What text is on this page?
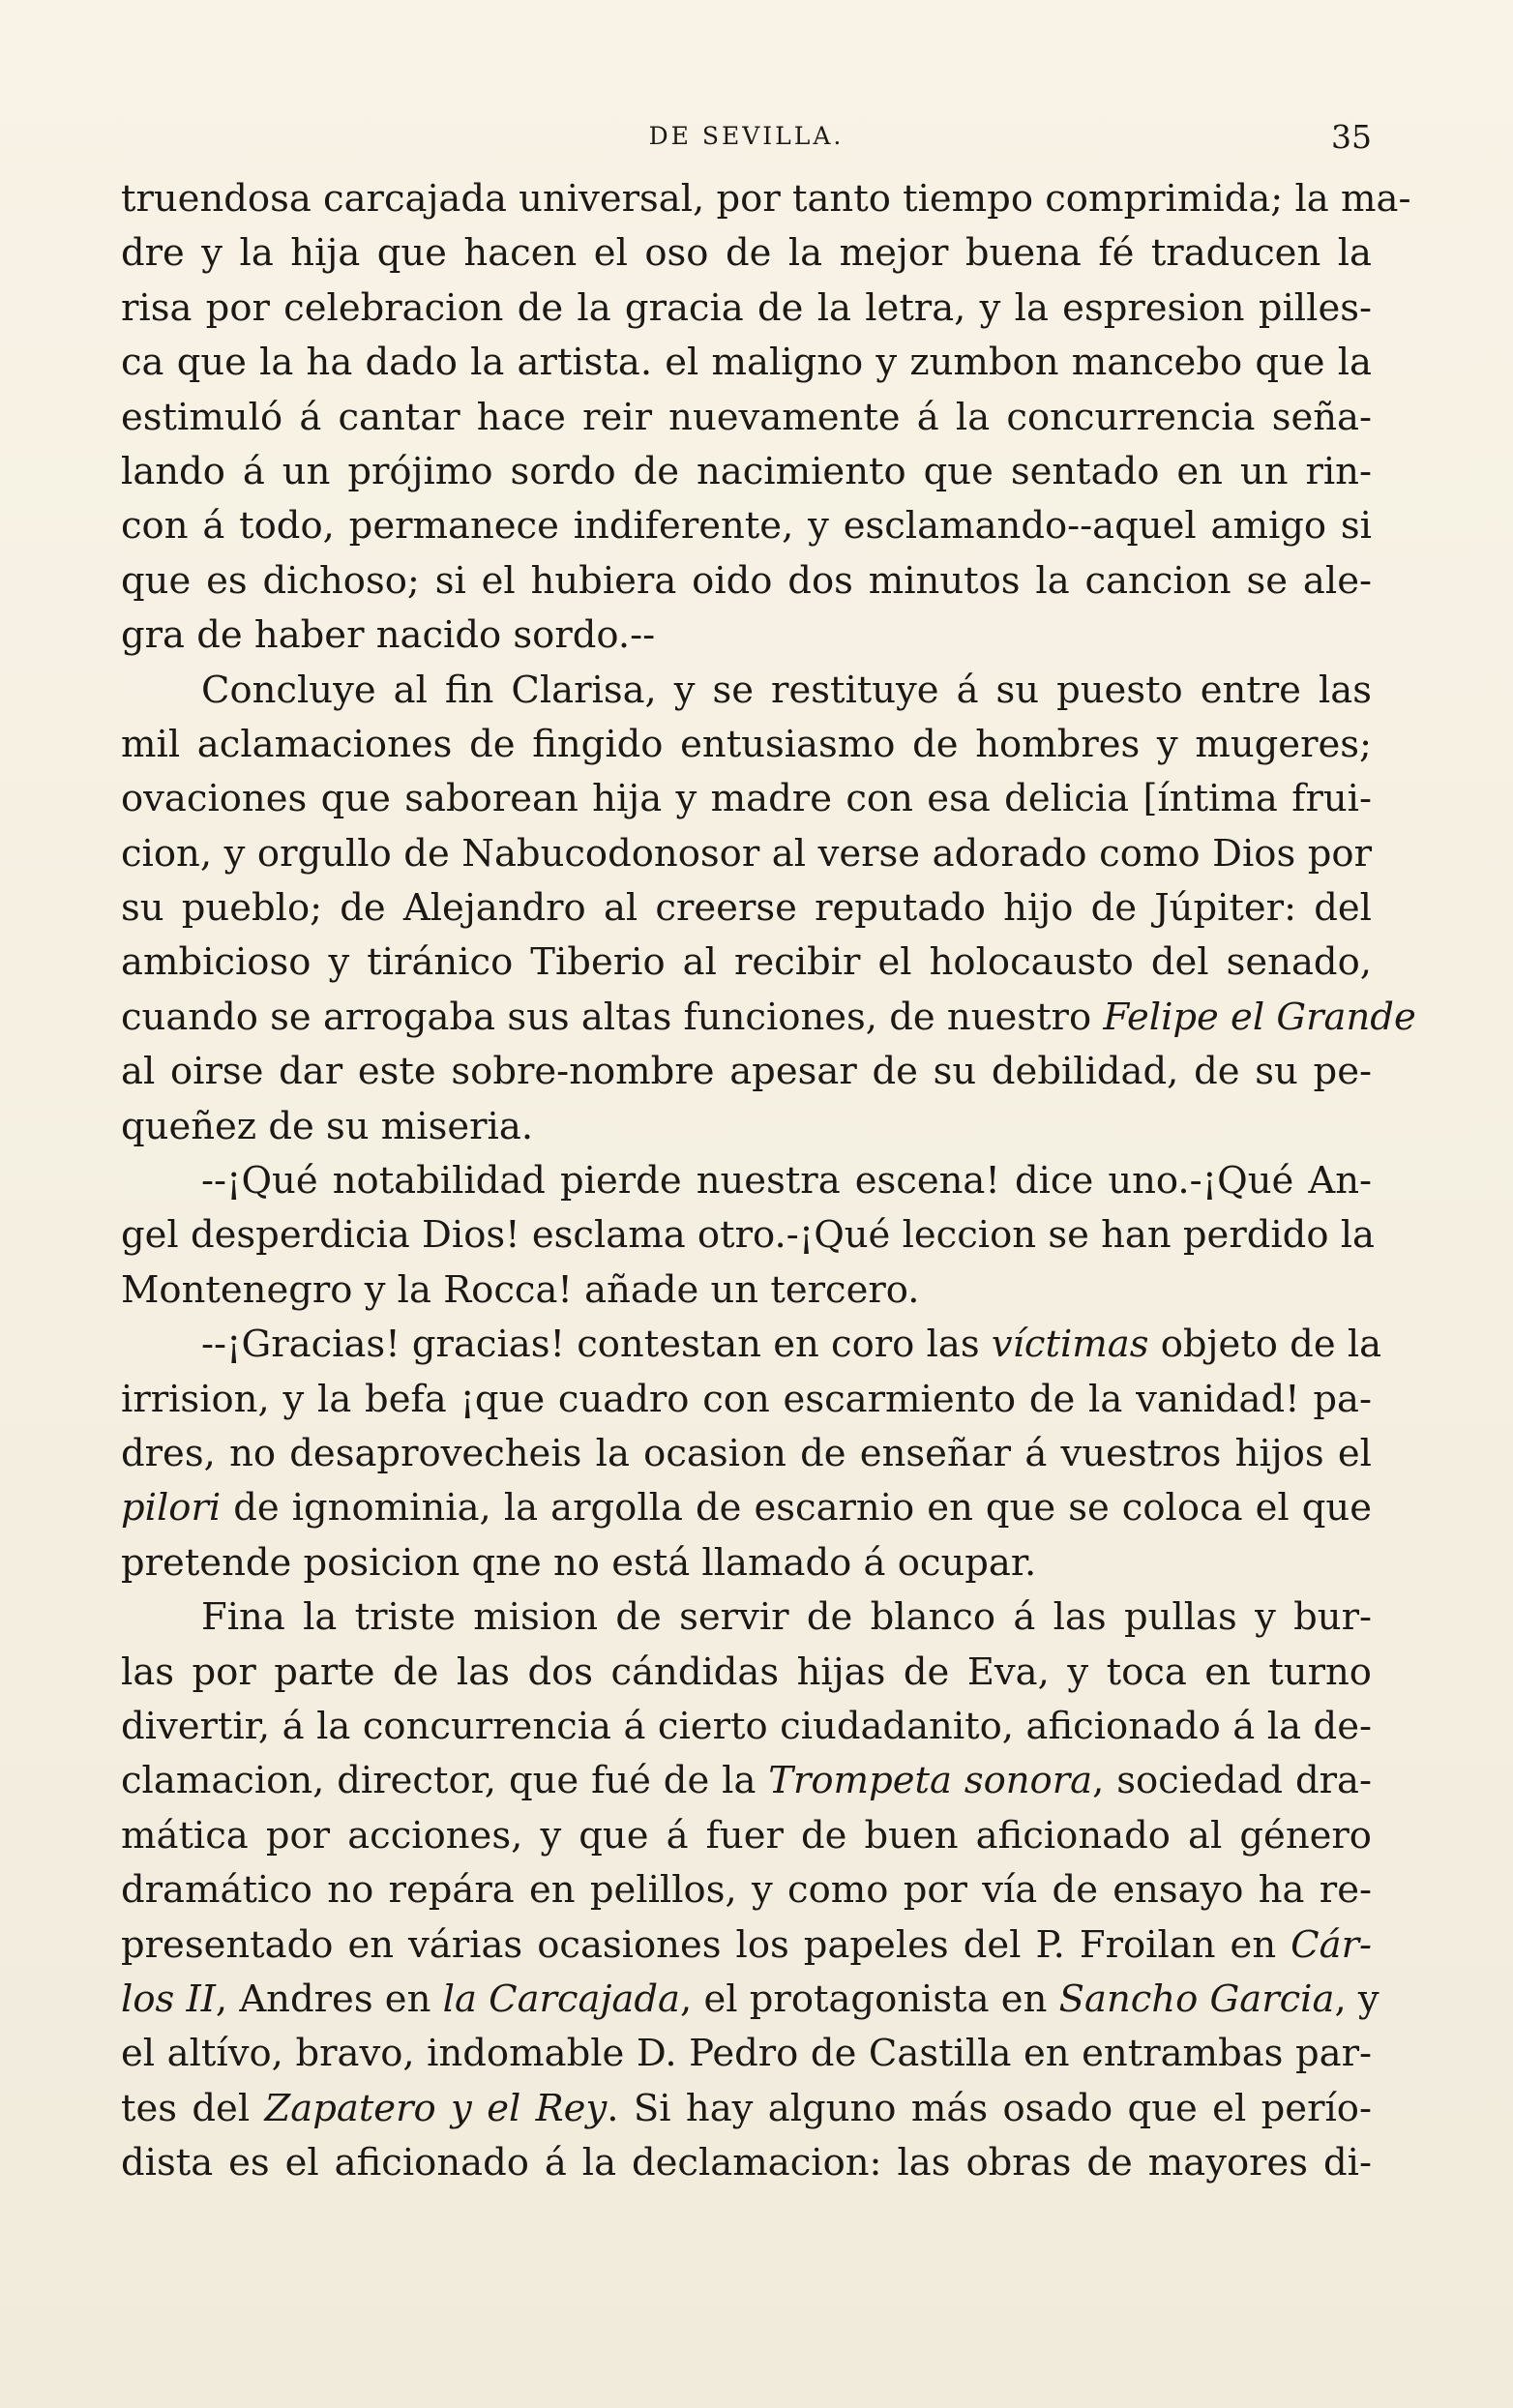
DE SEVILLA.	35
truendosa carcajada universal, por tanto tiempo comprimida; la ma-
dre y la hija que hacen el oso de la mejor buena fé traducen la
risa por celebracion de la gracia de la letra, y la espresion pilles-
ca que la ha dado la artista. el maligno y zumbon mancebo que la
estimuló á cantar hace reir nuevamente á la concurrencia seña-
lando á un prójimo sordo de nacimiento que sentado en un rin-
con á todo, permanece indiferente, y esclamando--aquel amigo si
que es dichoso; si el hubiera oido dos minutos la cancion se ale-
gra de haber nacido sordo.--
Concluye al fin Clarisa, y se restituye á su puesto entre las
mil aclamaciones de fingido entusiasmo de hombres y mugeres;
ovaciones que saborean hija y madre con esa delicia [íntima frui-
cion, y orgullo de Nabucodonosor al verse adorado como Dios por
su pueblo; de Alejandro al creerse reputado hijo de Júpiter: del
ambicioso y tiránico Tiberio al recibir el holocausto del senado,
cuando se arrogaba sus altas funciones, de nuestro Felipe el Grande
al oirse dar este sobre-nombre apesar de su debilidad, de su pe-
queñez de su miseria.
--¡Qué notabilidad pierde nuestra escena! dice uno.-¡Qué An-
gel desperdicia Dios! esclama otro.-¡Qué leccion se han perdido la
Montenegro y la Rocca! añade un tercero.
--¡Gracias! gracias! contestan en coro las víctimas objeto de la
irrision, y la befa ¡que cuadro con escarmiento de la vanidad! pa-
dres, no desaprovecheis la ocasion de enseñar á vuestros hijos el
pilori de ignominia, la argolla de escarnio en que se coloca el que
pretende posicion qne no está llamado á ocupar.
Fina la triste mision de servir de blanco á las pullas y bur-
las por parte de las dos cándidas hijas de Eva, y toca en turno
divertir, á la concurrencia á cierto ciudadanito, aficionado á la de-
clamacion, director, que fué de la Trompeta sonora, sociedad dra-
mática por acciones, y que á fuer de buen aficionado al género
dramático no repára en pelillos, y como por vía de ensayo ha re-
presentado en várias ocasiones los papeles del P. Froilan en Cár-
los II, Andres en la Carcajada, el protagonista en Sancho Garcia, y
el altívo, bravo, indomable D. Pedro de Castilla en entrambas par-
tes del Zapatero y el Rey. Si hay alguno más osado que el perío-
dista es el aficionado á la declamacion: las obras de mayores di-
